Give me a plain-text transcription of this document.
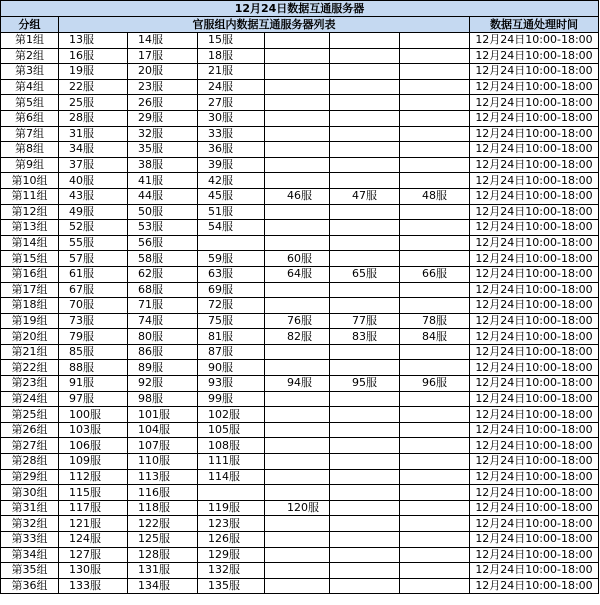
12月24日数据互通服务器							
分组	官服组内数据互通服务器列表						数据互通处理时间
第1组	13服	14服	15服				12月24日10:00-18:00
第2组	16服	17服	18服				12月24日10:00-18:00
第3组	19服	20服	21服				12月24日10:00-18:00
第4组	22服	23服	24服				12月24日10:00-18:00
第5组	25服	26服	27服				12月24日10:00-18:00
第6组	28服	29服	30服				12月24日10:00-18:00
第7组	31服	32服	33服				12月24日10:00-18:00
第8组	34服	35服	36服				12月24日10:00-18:00
第9组	37服	38服	39服				12月24日10:00-18:00
第10组	40服	41服	42服				12月24日10:00-18:00
第11组	43服	44服	45服	46服	47服	48服	12月24日10:00-18:00
第12组	49服	50服	51服				12月24日10:00-18:00
第13组	52服	53服	54服				12月24日10:00-18:00
第14组	55服	56服					12月24日10:00-18:00
第15组	57服	58服	59服	60服			12月24日10:00-18:00
第16组	61服	62服	63服	64服	65服	66服	12月24日10:00-18:00
第17组	67服	68服	69服				12月24日10:00-18:00
第18组	70服	71服	72服				12月24日10:00-18:00
第19组	73服	74服	75服	76服	77服	78服	12月24日10:00-18:00
第20组	79服	80服	81服	82服	83服	84服	12月24日10:00-18:00
第21组	85服	86服	87服				12月24日10:00-18:00
第22组	88服	89服	90服				12月24日10:00-18:00
第23组	91服	92服	93服	94服	95服	96服	12月24日10:00-18:00
第24组	97服	98服	99服				12月24日10:00-18:00
第25组	100服	101服	102服				12月24日10:00-18:00
第26组	103服	104服	105服				12月24日10:00-18:00
第27组	106服	107服	108服				12月24日10:00-18:00
第28组	109服	110服	111服				12月24日10:00-18:00
第29组	112服	113服	114服				12月24日10:00-18:00
第30组	115服	116服					12月24日10:00-18:00
第31组	117服	118服	119服	120服			12月24日10:00-18:00
第32组	121服	122服	123服				12月24日10:00-18:00
第33组	124服	125服	126服				12月24日10:00-18:00
第34组	127服	128服	129服				12月24日10:00-18:00
第35组	130服	131服	132服				12月24日10:00-18:00
第36组	133服	134服	135服				12月24日10:00-18:00
